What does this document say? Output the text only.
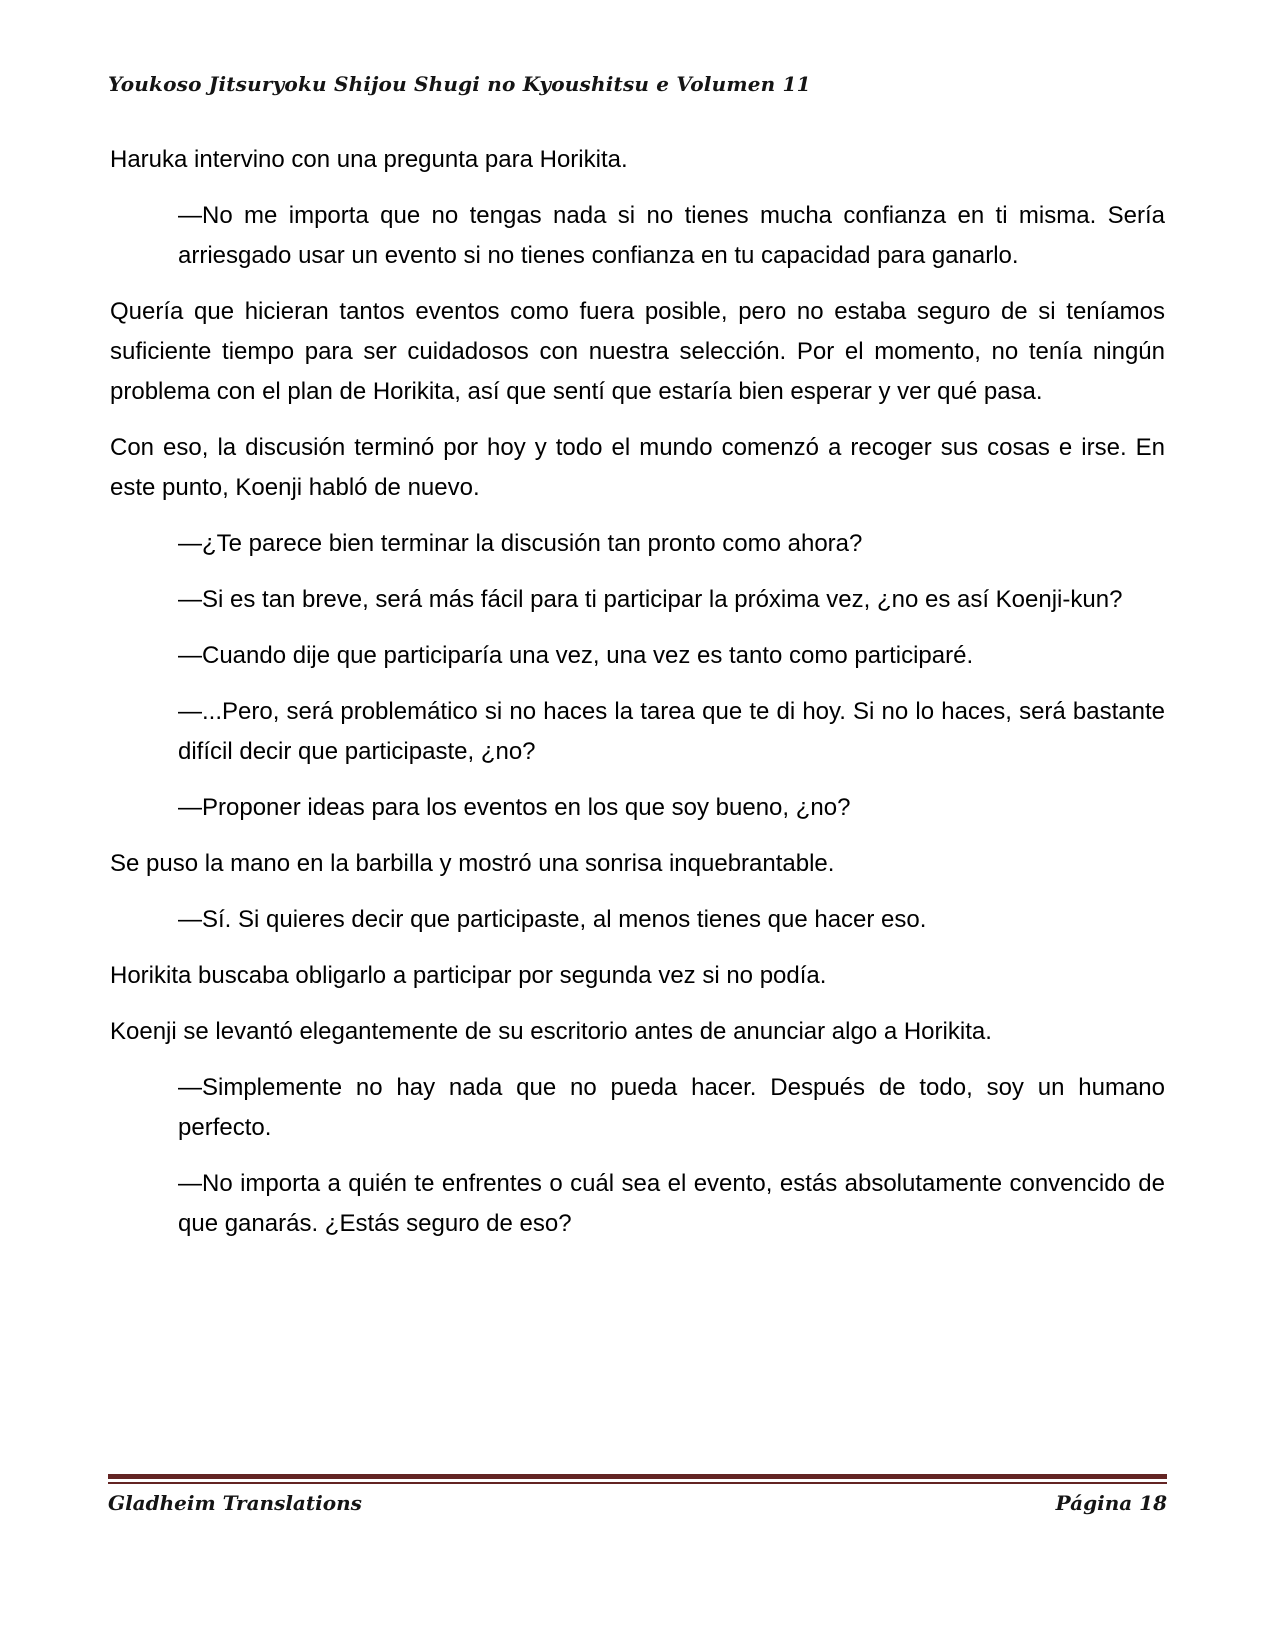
Youkoso Jitsuryoku Shijou Shugi no Kyoushitsu e Volumen 11

Haruka intervino con una pregunta para Horikita.

—No me importa que no tengas nada si no tienes mucha confianza en ti misma. Sería arriesgado usar un evento si no tienes confianza en tu capacidad para ganarlo.

Quería que hicieran tantos eventos como fuera posible, pero no estaba seguro de si teníamos suficiente tiempo para ser cuidadosos con nuestra selección. Por el momento, no tenía ningún problema con el plan de Horikita, así que sentí que estaría bien esperar y ver qué pasa.

Con eso, la discusión terminó por hoy y todo el mundo comenzó a recoger sus cosas e irse. En este punto, Koenji habló de nuevo.

—¿Te parece bien terminar la discusión tan pronto como ahora?

—Si es tan breve, será más fácil para ti participar la próxima vez, ¿no es así Koenji-kun?

—Cuando dije que participaría una vez, una vez es tanto como participaré.

—...Pero, será problemático si no haces la tarea que te di hoy. Si no lo haces, será bastante difícil decir que participaste, ¿no?

—Proponer ideas para los eventos en los que soy bueno, ¿no?

Se puso la mano en la barbilla y mostró una sonrisa inquebrantable.

—Sí. Si quieres decir que participaste, al menos tienes que hacer eso.

Horikita buscaba obligarlo a participar por segunda vez si no podía.

Koenji se levantó elegantemente de su escritorio antes de anunciar algo a Horikita.

—Simplemente no hay nada que no pueda hacer. Después de todo, soy un humano perfecto.

—No importa a quién te enfrentes o cuál sea el evento, estás absolutamente convencido de que ganarás. ¿Estás seguro de eso?

Gladheim Translations	Página 18
